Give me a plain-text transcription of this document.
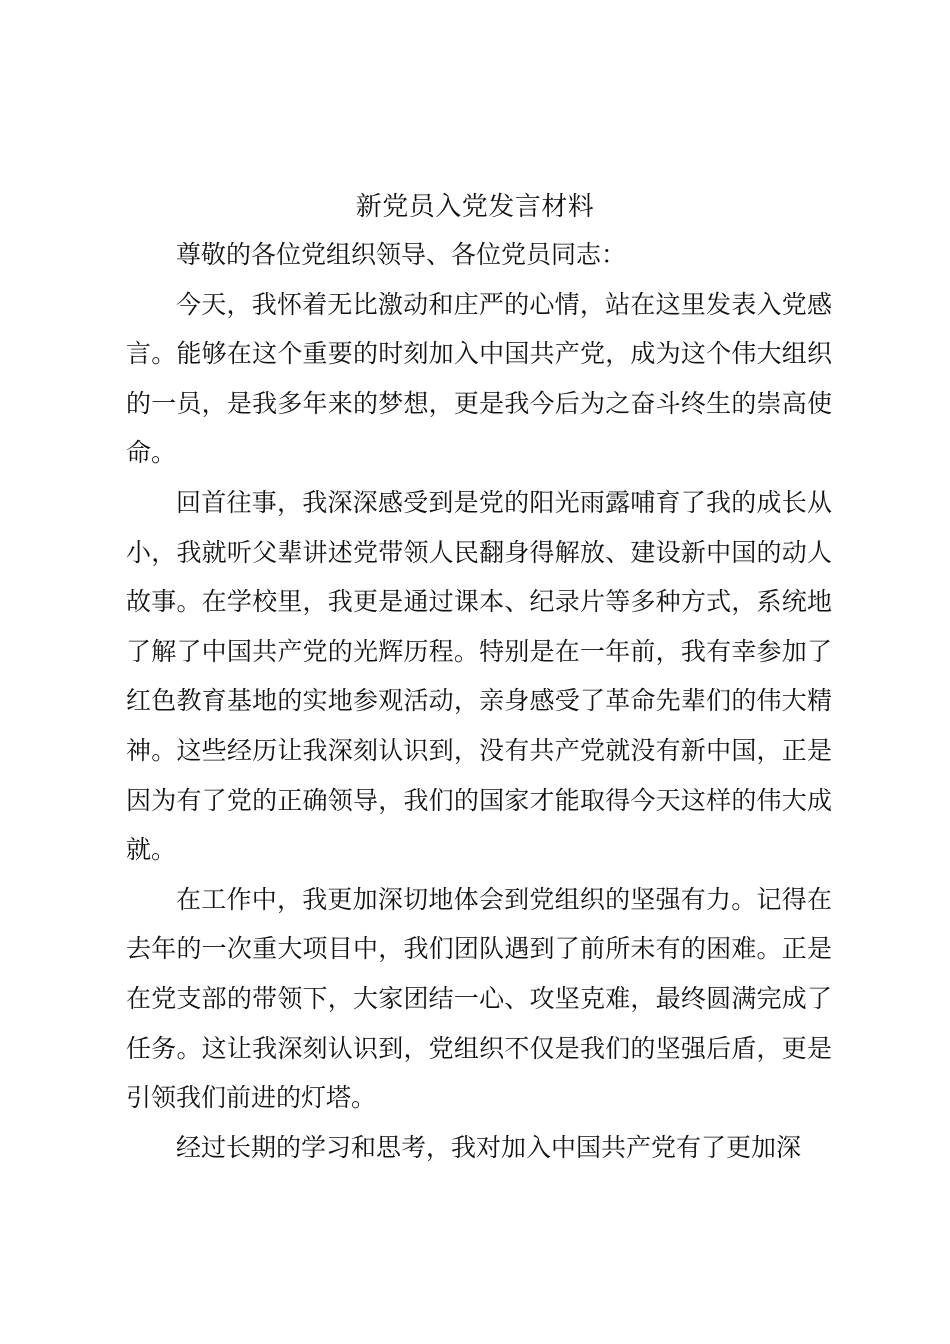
新党员入党发言材料

尊敬的各位党组织领导、各位党员同志：

今天，我怀着无比激动和庄严的心情，站在这里发表入党感言。能够在这个重要的时刻加入中国共产党，成为这个伟大组织的一员，是我多年来的梦想，更是我今后为之奋斗终生的崇高使命。

回首往事，我深深感受到是党的阳光雨露哺育了我的成长从小，我就听父辈讲述党带领人民翻身得解放、建设新中国的动人故事。在学校里，我更是通过课本、纪录片等多种方式，系统地了解了中国共产党的光辉历程。特别是在一年前，我有幸参加了红色教育基地的实地参观活动，亲身感受了革命先辈们的伟大精神。这些经历让我深刻认识到，没有共产党就没有新中国，正是因为有了党的正确领导，我们的国家才能取得今天这样的伟大成就。

在工作中，我更加深切地体会到党组织的坚强有力。记得在去年的一次重大项目中，我们团队遇到了前所未有的困难。正是在党支部的带领下，大家团结一心、攻坚克难，最终圆满完成了任务。这让我深刻认识到，党组织不仅是我们的坚强后盾，更是引领我们前进的灯塔。

经过长期的学习和思考，我对加入中国共产党有了更加深
